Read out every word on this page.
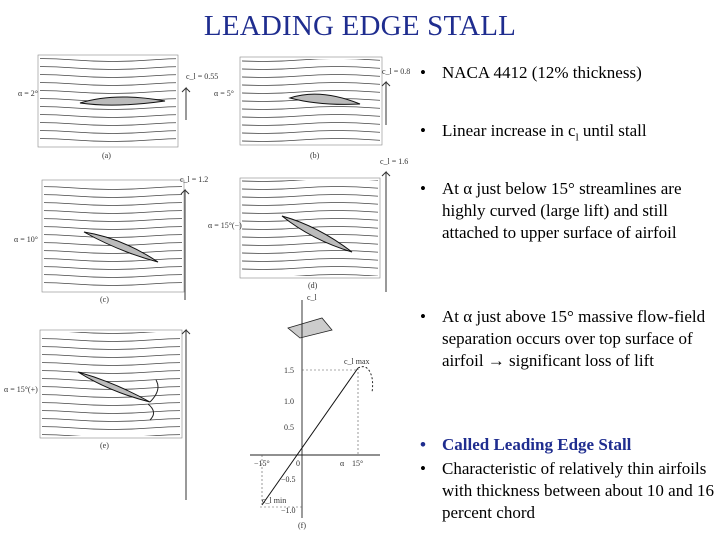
LEADING EDGE STALL
α = 2°
c_l = 0.55
(a)
α = 5°
c_l = 0.8
(b)
α = 10°
c_l = 1.2
(c)
α = 15°(−)
c_l = 1.6
(d)
α = 15°(+)
(e)
c_l
α
1.5
1.0
0.5
−0.5
−1.0
−15°	0	15°
c_l max
c_l min
(f)
• NACA 4412 (12% thickness)
• Linear increase in $c_l$ until stall
• At α just below 15° streamlines are highly curved (large lift) and still attached to upper surface of airfoil
• At α just above 15° massive flow-field separation occurs over top surface of airfoil → significant loss of lift
• Called Leading Edge Stall
• Characteristic of relatively thin airfoils with thickness between about 10 and 16 percent chord
